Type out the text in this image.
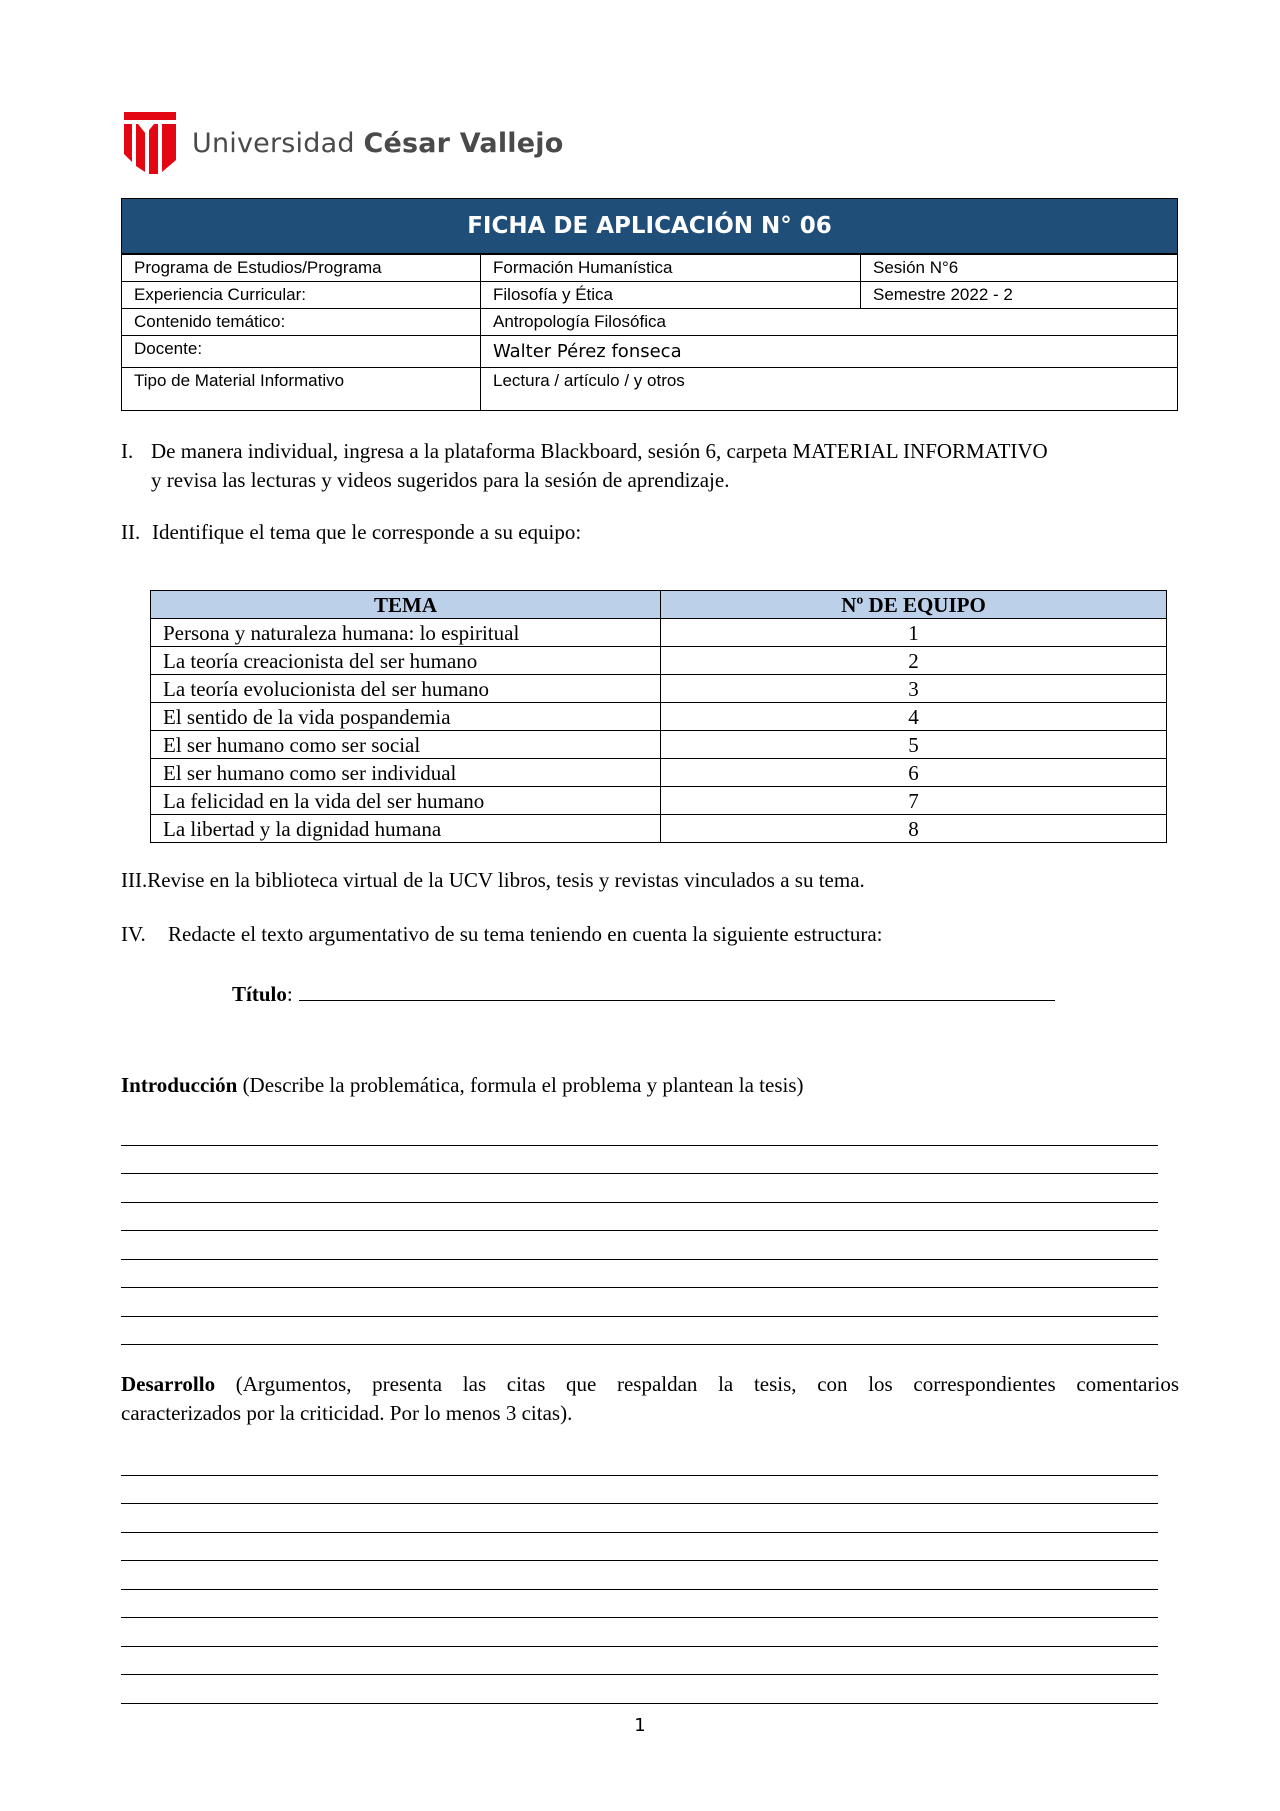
Universidad César Vallejo
FICHA DE APLICACIÓN N° 06
Programa de Estudios/Programa	Formación Humanística	Sesión N°6
Experiencia Curricular:	Filosofía y Ética	Semestre 2022 - 2
Contenido temático:	Antropología Filosófica
Docente:	Walter Pérez fonseca
Tipo de Material Informativo	Lectura / artículo / y otros
I. De manera individual, ingresa a la plataforma Blackboard, sesión 6, carpeta MATERIAL INFORMATIVO
y revisa las lecturas y videos sugeridos para la sesión de aprendizaje.
II. Identifique el tema que le corresponde a su equipo:
TEMA	Nº DE EQUIPO
Persona y naturaleza humana: lo espiritual	1
La teoría creacionista del ser humano	2
La teoría evolucionista del ser humano	3
El sentido de la vida pospandemia	4
El ser humano como ser social	5
El ser humano como ser individual	6
La felicidad en la vida del ser humano	7
La libertad y la dignidad humana	8
III.Revise en la biblioteca virtual de la UCV libros, tesis y revistas vinculados a su tema.
IV. Redacte el texto argumentativo de su tema teniendo en cuenta la siguiente estructura:
Título:
Introducción (Describe la problemática, formula el problema y plantean la tesis)
Desarrollo (Argumentos, presenta las citas que respaldan la tesis, con los correspondientes comentarios
caracterizados por la criticidad. Por lo menos 3 citas).
1
